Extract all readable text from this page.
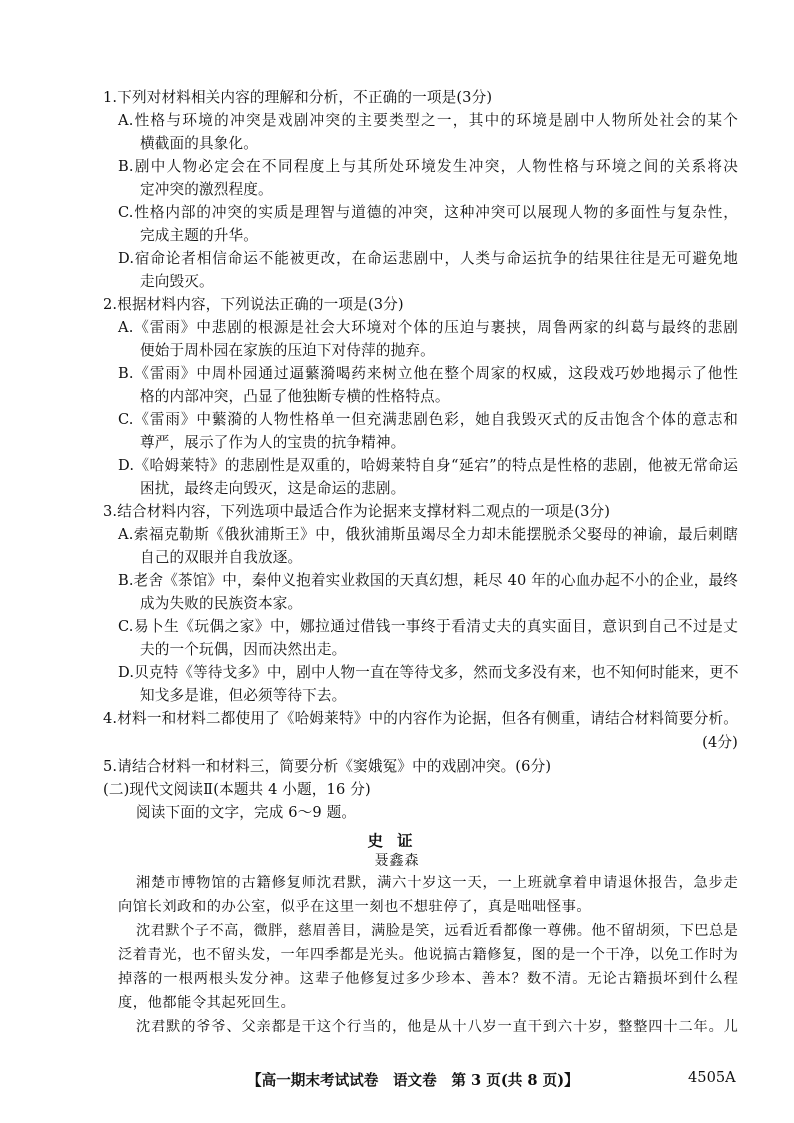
1.下列对材料相关内容的理解和分析，不正确的一项是(3分)
A.性格与环境的冲突是戏剧冲突的主要类型之一，其中的环境是剧中人物所处社会的某个
横截面的具象化。
B.剧中人物必定会在不同程度上与其所处环境发生冲突，人物性格与环境之间的关系将决
定冲突的激烈程度。
C.性格内部的冲突的实质是理智与道德的冲突，这种冲突可以展现人物的多面性与复杂性，
完成主题的升华。
D.宿命论者相信命运不能被更改，在命运悲剧中，人类与命运抗争的结果往往是无可避免地
走向毁灭。
2.根据材料内容，下列说法正确的一项是(3分)
A.《雷雨》中悲剧的根源是社会大环境对个体的压迫与裹挟，周鲁两家的纠葛与最终的悲剧
便始于周朴园在家族的压迫下对侍萍的抛弃。
B.《雷雨》中周朴园通过逼蘩漪喝药来树立他在整个周家的权威，这段戏巧妙地揭示了他性
格的内部冲突，凸显了他独断专横的性格特点。
C.《雷雨》中蘩漪的人物性格单一但充满悲剧色彩，她自我毁灭式的反击饱含个体的意志和
尊严，展示了作为人的宝贵的抗争精神。
D.《哈姆莱特》的悲剧性是双重的，哈姆莱特自身“延宕”的特点是性格的悲剧，他被无常命运
困扰，最终走向毁灭，这是命运的悲剧。
3.结合材料内容，下列选项中最适合作为论据来支撑材料二观点的一项是(3分)
A.索福克勒斯《俄狄浦斯王》中，俄狄浦斯虽竭尽全力却未能摆脱杀父娶母的神谕，最后刺瞎
自己的双眼并自我放逐。
B.老舍《茶馆》中，秦仲义抱着实业救国的天真幻想，耗尽 40 年的心血办起不小的企业，最终
成为失败的民族资本家。
C.易卜生《玩偶之家》中，娜拉通过借钱一事终于看清丈夫的真实面目，意识到自己不过是丈
夫的一个玩偶，因而决然出走。
D.贝克特《等待戈多》中，剧中人物一直在等待戈多，然而戈多没有来，也不知何时能来，更不
知戈多是谁，但必须等待下去。
4.材料一和材料二都使用了《哈姆莱特》中的内容作为论据，但各有侧重，请结合材料简要分析。
(4分)
5.请结合材料一和材料三，简要分析《窦娥冤》中的戏剧冲突。(6分)
(二)现代文阅读Ⅱ(本题共 4 小题，16 分)
阅读下面的文字，完成 6～9 题。
史证
聂鑫森
湘楚市博物馆的古籍修复师沈君默，满六十岁这一天，一上班就拿着申请退休报告，急步走
向馆长刘政和的办公室，似乎在这里一刻也不想驻停了，真是咄咄怪事。
沈君默个子不高，微胖，慈眉善目，满脸是笑，远看近看都像一尊佛。他不留胡须，下巴总是
泛着青光，也不留头发，一年四季都是光头。他说搞古籍修复，图的是一个干净，以免工作时为
掉落的一根两根头发分神。这辈子他修复过多少珍本、善本？数不清。无论古籍损坏到什么程
度，他都能令其起死回生。
沈君默的爷爷、父亲都是干这个行当的，他是从十八岁一直干到六十岁，整整四十二年。儿
【高一期末考试试卷　语文卷　第 3 页(共 8 页)】	4505A
